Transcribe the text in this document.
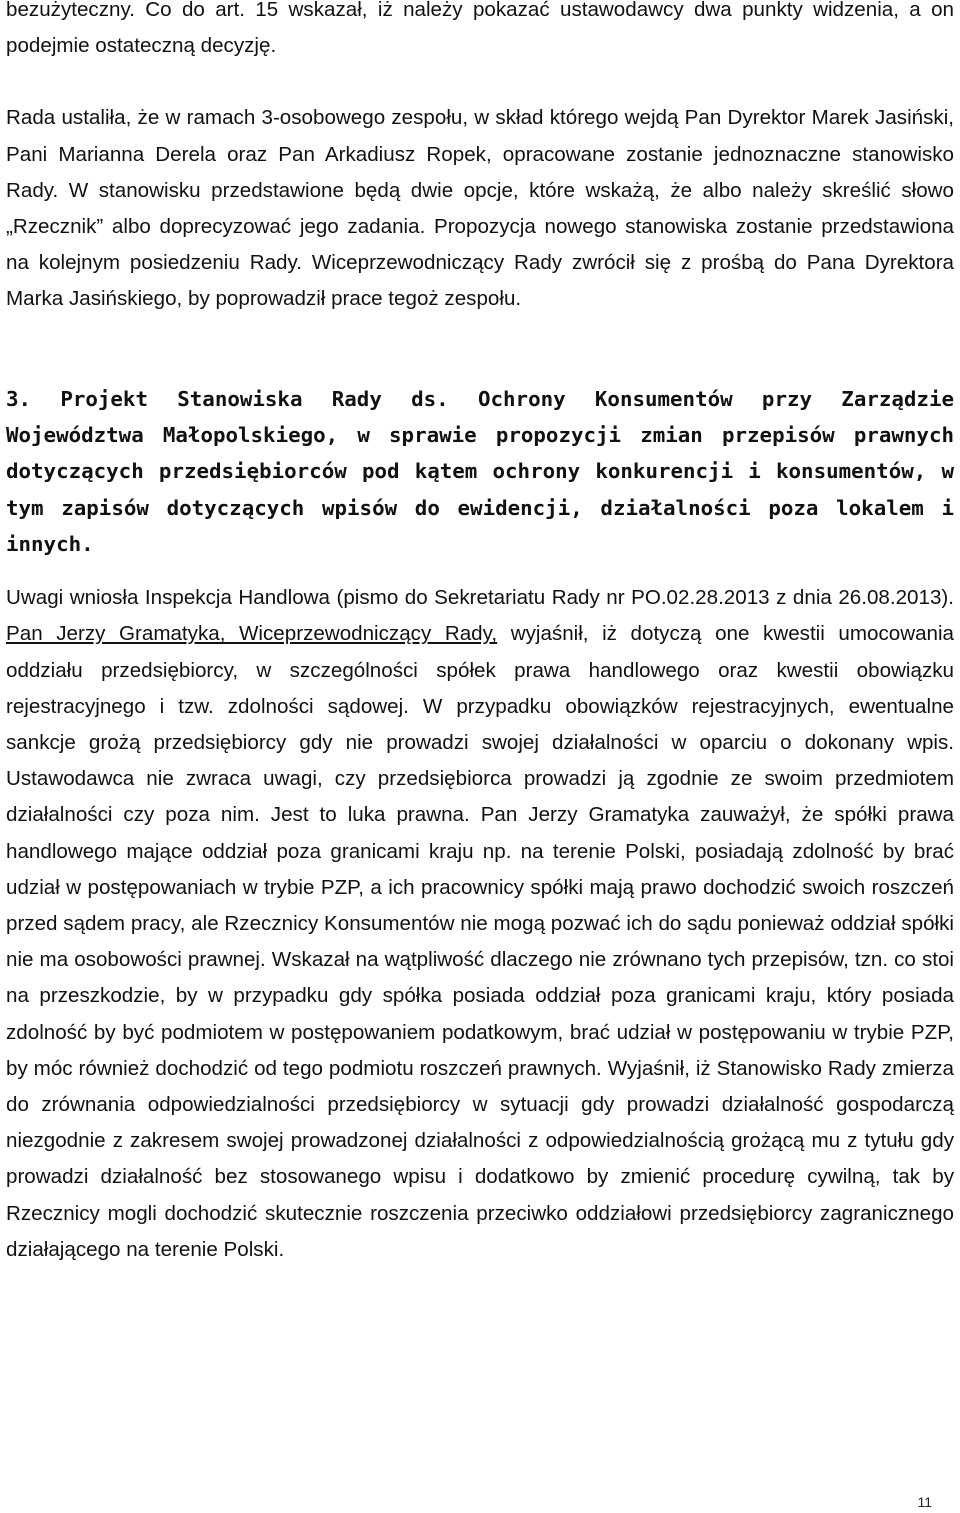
bezużyteczny. Co do art. 15 wskazał, iż należy pokazać ustawodawcy dwa punkty widzenia, a on podejmie ostateczną decyzję.

Rada ustaliła, że w ramach 3-osobowego zespołu, w skład którego wejdą Pan Dyrektor Marek Jasiński, Pani Marianna Derela oraz Pan Arkadiusz Ropek, opracowane zostanie jednoznaczne stanowisko Rady. W stanowisku przedstawione będą dwie opcje, które wskażą, że albo należy skreślić słowo „Rzecznik” albo doprecyzować jego zadania. Propozycja nowego stanowiska zostanie przedstawiona na kolejnym posiedzeniu Rady. Wiceprzewodniczący Rady zwrócił się z prośbą do Pana Dyrektora Marka Jasińskiego, by poprowadził prace tegoż zespołu.

3. Projekt Stanowiska Rady ds. Ochrony Konsumentów przy Zarządzie Województwa Małopolskiego, w sprawie propozycji zmian przepisów prawnych dotyczących przedsiębiorców pod kątem ochrony konkurencji i konsumentów, w tym zapisów dotyczących wpisów do ewidencji, działalności poza lokalem i innych.

Uwagi wniosła Inspekcja Handlowa (pismo do Sekretariatu Rady nr PO.02.28.2013 z dnia 26.08.2013). Pan Jerzy Gramatyka, Wiceprzewodniczący Rady, wyjaśnił, iż dotyczą one kwestii umocowania oddziału przedsiębiorcy, w szczególności spółek prawa handlowego oraz kwestii obowiązku rejestracyjnego i tzw. zdolności sądowej. W przypadku obowiązków rejestracyjnych, ewentualne sankcje grożą przedsiębiorcy gdy nie prowadzi swojej działalności w oparciu o dokonany wpis. Ustawodawca nie zwraca uwagi, czy przedsiębiorca prowadzi ją zgodnie ze swoim przedmiotem działalności czy poza nim. Jest to luka prawna. Pan Jerzy Gramatyka zauważył, że spółki prawa handlowego mające oddział poza granicami kraju np. na terenie Polski, posiadają zdolność by brać udział w postępowaniach w trybie PZP, a ich pracownicy spółki mają prawo dochodzić swoich roszczeń przed sądem pracy, ale Rzecznicy Konsumentów nie mogą pozwać ich do sądu ponieważ oddział spółki nie ma osobowości prawnej. Wskazał na wątpliwość dlaczego nie zrównano tych przepisów, tzn. co stoi na przeszkodzie, by w przypadku gdy spółka posiada oddział poza granicami kraju, który posiada zdolność by być podmiotem w postępowaniem podatkowym, brać udział w postępowaniu w trybie PZP, by móc również dochodzić od tego podmiotu roszczeń prawnych. Wyjaśnił, iż Stanowisko Rady zmierza do zrównania odpowiedzialności przedsiębiorcy w sytuacji gdy prowadzi działalność gospodarczą niezgodnie z zakresem swojej prowadzonej działalności z odpowiedzialnością grożącą mu z tytułu gdy prowadzi działalność bez stosowanego wpisu i dodatkowo by zmienić procedurę cywilną, tak by Rzecznicy mogli dochodzić skutecznie roszczenia przeciwko oddziałowi przedsiębiorcy zagranicznego działającego na terenie Polski.

11
